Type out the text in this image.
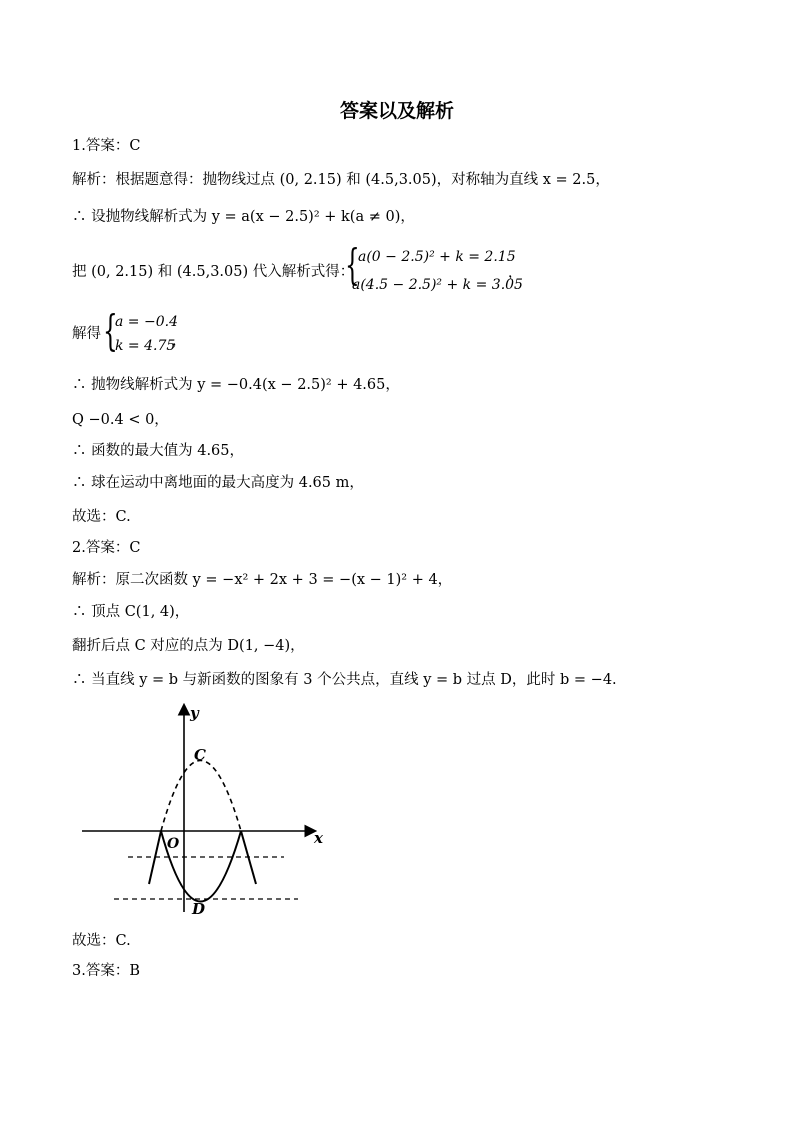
答案以及解析
1.答案：C
解析：根据题意得：抛物线过点 (0, 2.15) 和 (4.5,3.05)，对称轴为直线 x = 2.5，
∴ 设抛物线解析式为 y = a(x − 2.5)² + k(a ≠ 0)，
把 (0, 2.15) 和 (4.5,3.05) 代入解析式得：
{
a(0 − 2.5)² + k = 2.15
a(4.5 − 2.5)² + k = 3.05
，
解得 {
a = −0.4
k = 4.75
，
∴ 抛物线解析式为 y = −0.4(x − 2.5)² + 4.65，
Q −0.4 < 0，
∴ 函数的最大值为 4.65，
∴ 球在运动中离地面的最大高度为 4.65 m，
故选：C.
2.答案：C
解析：原二次函数 y = −x² + 2x + 3 = −(x − 1)² + 4，
∴ 顶点 C(1, 4)，
翻折后点 C 对应的点为 D(1, −4)，
∴ 当直线 y = b 与新函数的图象有 3 个公共点，直线 y = b 过点 D，此时 b = −4.
y
x
C
O
D
故选：C.
3.答案：B
